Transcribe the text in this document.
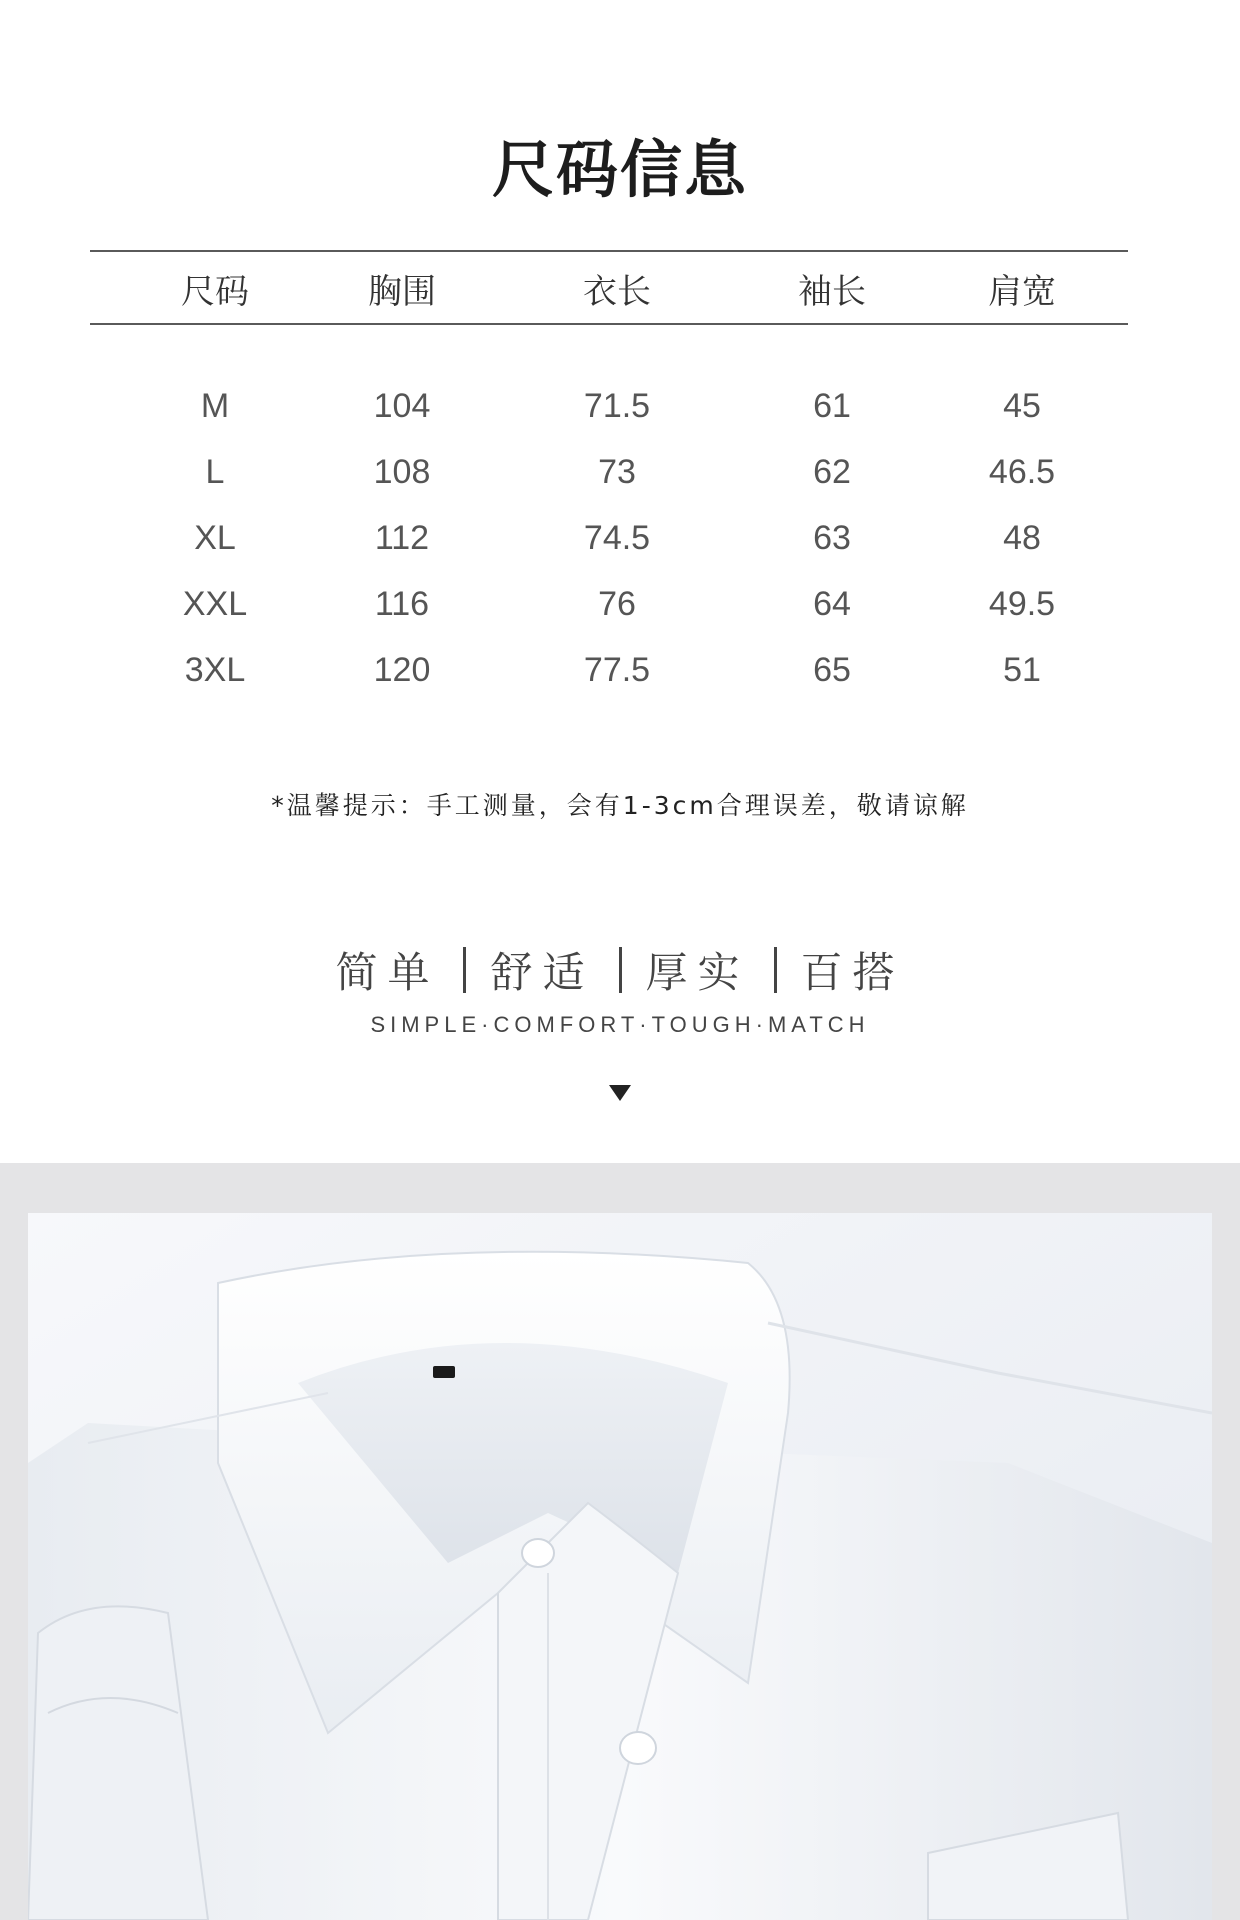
尺码信息
尺码	胸围	衣长	袖长	肩宽
M	104	71.5	61	45
L	108	73	62	46.5
XL	112	74.5	63	48
XXL	116	76	64	49.5
3XL	120	77.5	65	51
*温馨提示：手工测量，会有1-3cm合理误差，敬请谅解
简单 舒适 厚实 百搭
SIMPLE·COMFORT·TOUGH·MATCH
